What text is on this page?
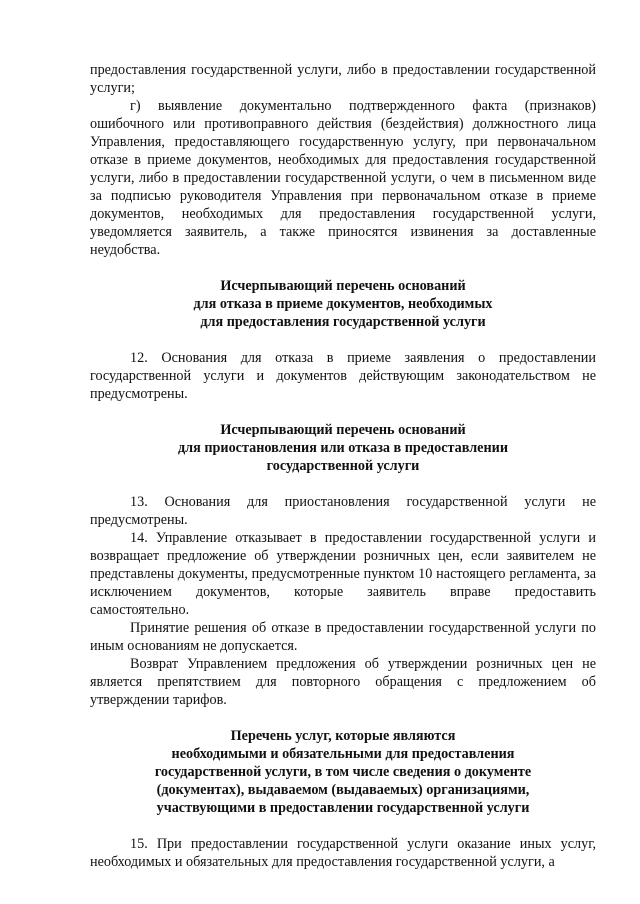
предоставления государственной услуги, либо в предоставлении государственной услуги;

г) выявление документально подтвержденного факта (признаков) ошибочного или противоправного действия (бездействия) должностного лица Управления, предоставляющего государственную услугу, при первоначальном отказе в приеме документов, необходимых для предоставления государственной услуги, либо в предоставлении государственной услуги, о чем в письменном виде за подписью руководителя Управления при первоначальном отказе в приеме документов, необходимых для предоставления государственной услуги, уведомляется заявитель, а также приносятся извинения за доставленные неудобства.

Исчерпывающий перечень оснований
для отказа в приеме документов, необходимых
для предоставления государственной услуги

12. Основания для отказа в приеме заявления о предоставлении государственной услуги и документов действующим законодательством не предусмотрены.

Исчерпывающий перечень оснований
для приостановления или отказа в предоставлении
государственной услуги

13. Основания для приостановления государственной услуги не предусмотрены.

14. Управление отказывает в предоставлении государственной услуги и возвращает предложение об утверждении розничных цен, если заявителем не представлены документы, предусмотренные пунктом 10 настоящего регламента, за исключением документов, которые заявитель вправе предоставить самостоятельно.

Принятие решения об отказе в предоставлении государственной услуги по иным основаниям не допускается.

Возврат Управлением предложения об утверждении розничных цен не является препятствием для повторного обращения с предложением об утверждении тарифов.

Перечень услуг, которые являются
необходимыми и обязательными для предоставления
государственной услуги, в том числе сведения о документе
(документах), выдаваемом (выдаваемых) организациями,
участвующими в предоставлении государственной услуги

15. При предоставлении государственной услуги оказание иных услуг, необходимых и обязательных для предоставления государственной услуги, а
